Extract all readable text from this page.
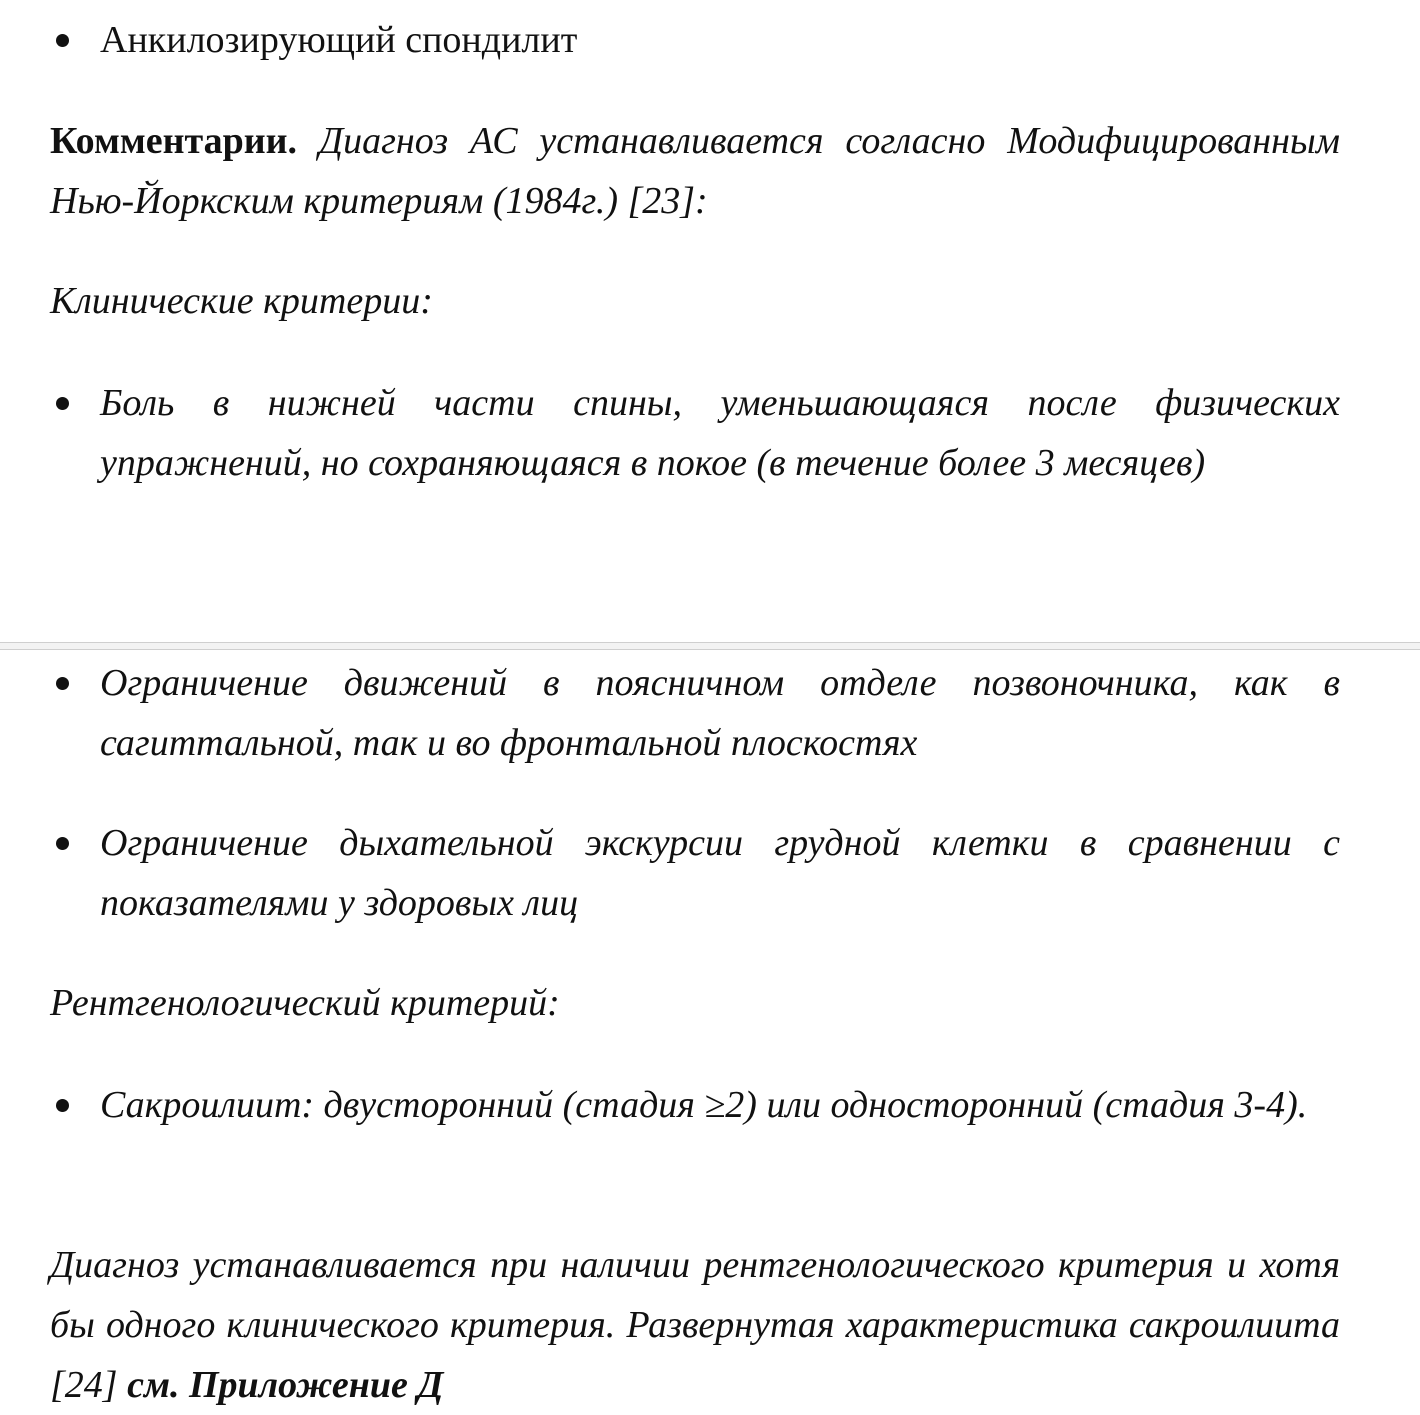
Анкилозирующий спондилит
Комментарии. Диагноз АС устанавливается согласно Модифицированным Нью-Йоркским критериям (1984г.) [23]:
Клинические критерии:
Боль в нижней части спины, уменьшающаяся после физических упражнений, но сохраняющаяся в покое (в течение более 3 месяцев)
Ограничение движений в поясничном отделе позвоночника, как в сагиттальной, так и во фронтальной плоскостях
Ограничение дыхательной экскурсии грудной клетки в сравнении с показателями у здоровых лиц
Рентгенологический критерий:
Сакроилиит: двусторонний (стадия ≥2) или односторонний (стадия 3-4).
Диагноз устанавливается при наличии рентгенологического критерия и хотя бы одного клинического критерия. Развернутая характеристика сакроилиита [24] см. Приложение Д
